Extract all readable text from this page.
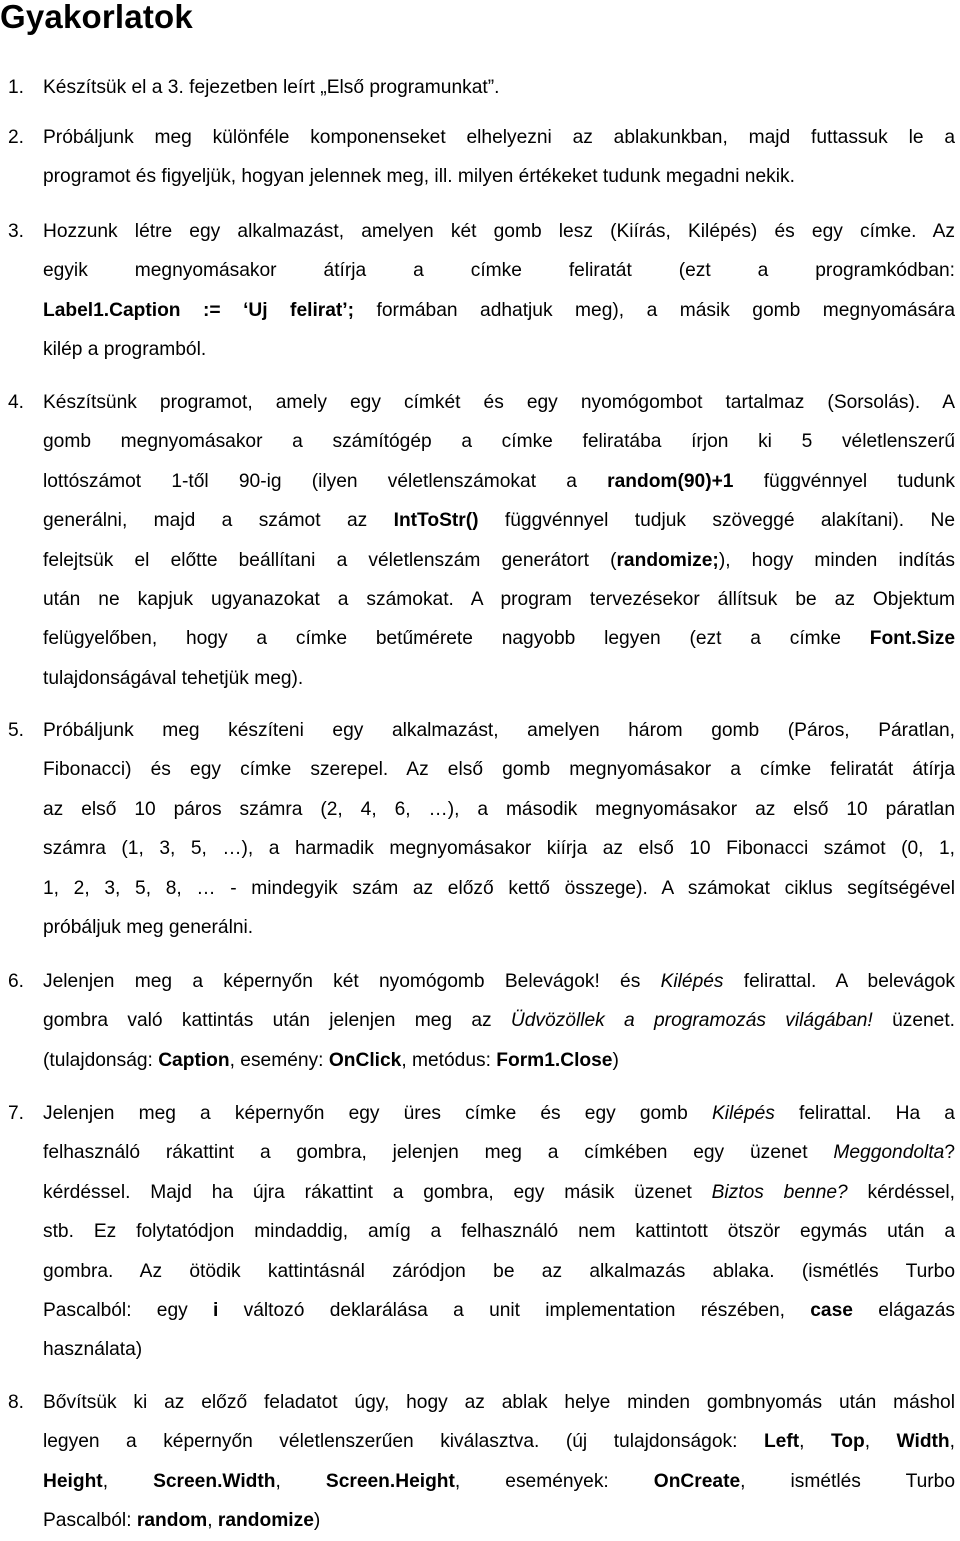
Gyakorlatok
1. Készítsük el a 3. fejezetben leírt „Első programunkat”.
2. Próbáljunk meg különféle komponenseket elhelyezni az ablakunkban, majd futtassuk le a
programot és figyeljük, hogyan jelennek meg, ill. milyen értékeket tudunk megadni nekik.
3. Hozzunk létre egy alkalmazást, amelyen két gomb lesz (Kiírás, Kilépés) és egy címke. Az
egyik megnyomásakor átírja a címke feliratát (ezt a programkódban:
Label1.Caption := ‘Uj felirat’; formában adhatjuk meg), a másik gomb megnyomására
kilép a programból.
4. Készítsünk programot, amely egy címkét és egy nyomógombot tartalmaz (Sorsolás). A
gomb megnyomásakor a számítógép a címke feliratába írjon ki 5 véletlenszerű
lottószámot 1-től 90-ig (ilyen véletlenszámokat a random(90)+1 függvénnyel tudunk
generálni, majd a számot az IntToStr() függvénnyel tudjuk szöveggé alakítani). Ne
felejtsük el előtte beállítani a véletlenszám generátort (randomize;), hogy minden indítás
után ne kapjuk ugyanazokat a számokat. A program tervezésekor állítsuk be az Objektum
felügyelőben, hogy a címke betűmérete nagyobb legyen (ezt a címke Font.Size
tulajdonságával tehetjük meg).
5. Próbáljunk meg készíteni egy alkalmazást, amelyen három gomb (Páros, Páratlan,
Fibonacci) és egy címke szerepel. Az első gomb megnyomásakor a címke feliratát átírja
az első 10 páros számra (2, 4, 6, …), a második megnyomásakor az első 10 páratlan
számra (1, 3, 5, …), a harmadik megnyomásakor kiírja az első 10 Fibonacci számot (0, 1,
1, 2, 3, 5, 8, … - mindegyik szám az előző kettő összege). A számokat ciklus segítségével
próbáljuk meg generálni.
6. Jelenjen meg a képernyőn két nyomógomb Belevágok! és Kilépés felirattal. A belevágok
gombra való kattintás után jelenjen meg az Üdvözöllek a programozás világában! üzenet.
(tulajdonság: Caption, esemény: OnClick, metódus: Form1.Close)
7. Jelenjen meg a képernyőn egy üres címke és egy gomb Kilépés felirattal. Ha a
felhasználó rákattint a gombra, jelenjen meg a címkében egy üzenet Meggondolta?
kérdéssel. Majd ha újra rákattint a gombra, egy másik üzenet Biztos benne? kérdéssel,
stb. Ez folytatódjon mindaddig, amíg a felhasználó nem kattintott ötször egymás után a
gombra. Az ötödik kattintásnál záródjon be az alkalmazás ablaka. (ismétlés Turbo
Pascalból: egy i változó deklarálása a unit implementation részében, case elágazás
használata)
8. Bővítsük ki az előző feladatot úgy, hogy az ablak helye minden gombnyomás után máshol
legyen a képernyőn véletlenszerűen kiválasztva. (új tulajdonságok: Left, Top, Width,
Height, Screen.Width, Screen.Height, események: OnCreate, ismétlés Turbo
Pascalból: random, randomize)
